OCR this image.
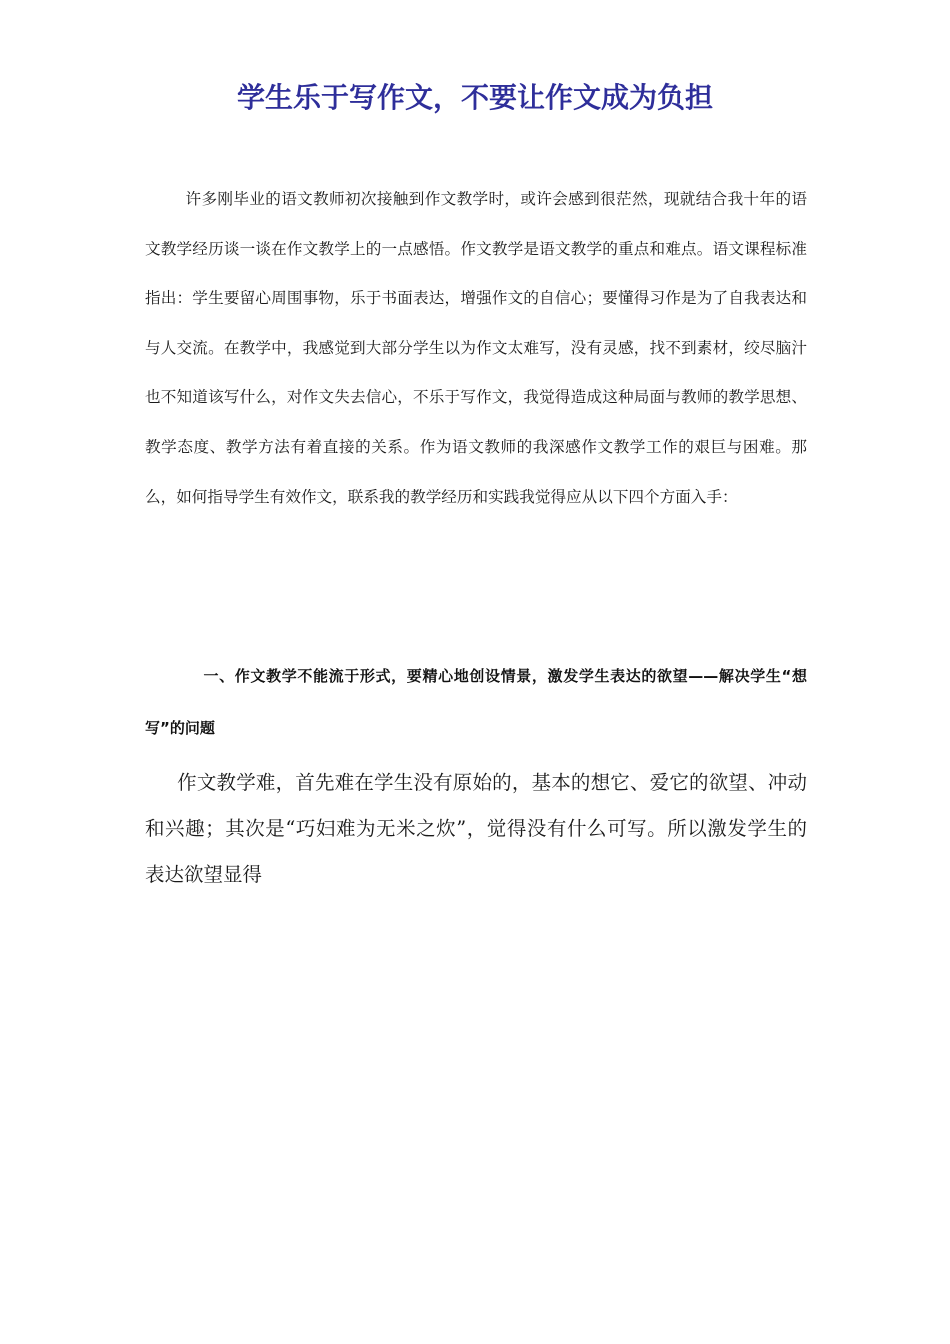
学生乐于写作文，不要让作文成为负担

许多刚毕业的语文教师初次接触到作文教学时，或许会感到很茫然，现就结合我十年的语文教学经历谈一谈在作文教学上的一点感悟。作文教学是语文教学的重点和难点。语文课程标准指出：学生要留心周围事物，乐于书面表达，增强作文的自信心；要懂得习作是为了自我表达和与人交流。在教学中，我感觉到大部分学生以为作文太难写，没有灵感，找不到素材，绞尽脑汁也不知道该写什么，对作文失去信心，不乐于写作文，我觉得造成这种局面与教师的教学思想、教学态度、教学方法有着直接的关系。作为语文教师的我深感作文教学工作的艰巨与困难。那么，如何指导学生有效作文，联系我的教学经历和实践我觉得应从以下四个方面入手：

一、作文教学不能流于形式，要精心地创设情景，激发学生表达的欲望——解决学生“想写”的问题

作文教学难，首先难在学生没有原始的，基本的想它、爱它的欲望、冲动和兴趣；其次是“巧妇难为无米之炊”，觉得没有什么可写。所以激发学生的表达欲望显得
